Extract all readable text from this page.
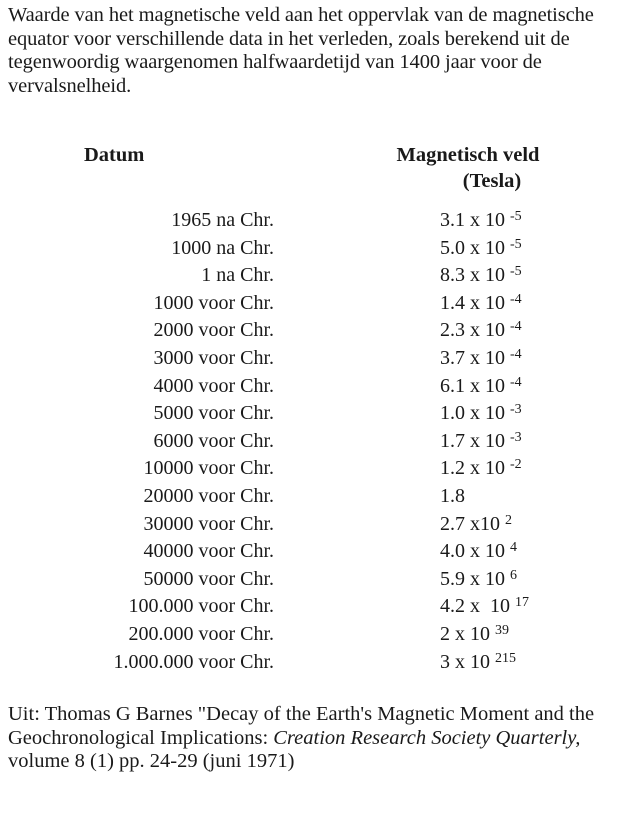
Waarde van het magnetische veld aan het oppervlak van de magnetische equator voor verschillende data in het verleden, zoals berekend uit de tegenwoordig waargenomen halfwaardetijd van 1400 jaar voor de vervalsnelheid.
Datum	Magnetisch veld
(Tesla)
1965 na Chr.	3.1 x 10 $^{-5}$
1000 na Chr.	5.0 x 10 $^{-5}$
1 na Chr.	8.3 x 10 $^{-5}$
1000 voor Chr.	1.4 x 10 $^{-4}$
2000 voor Chr.	2.3 x 10 $^{-4}$
3000 voor Chr.	3.7 x 10 $^{-4}$
4000 voor Chr.	6.1 x 10 $^{-4}$
5000 voor Chr.	1.0 x 10 $^{-3}$
6000 voor Chr.	1.7 x 10 $^{-3}$
10000 voor Chr.	1.2 x 10 $^{-2}$
20000 voor Chr.	1.8
30000 voor Chr.	2.7 x10 $^2$
40000 voor Chr.	4.0 x 10 $^4$
50000 voor Chr.	5.9 x 10 $^6$
100.000 voor Chr.	4.2 x  10 $^{17}$
200.000 voor Chr.	2 x 10 $^{39}$
1.000.000 voor Chr.	3 x 10 $^{215}$
Uit: Thomas G Barnes "Decay of the Earth's Magnetic Moment and the Geochronological Implications: Creation Research Society Quarterly, volume 8 (1) pp. 24-29 (juni 1971)
